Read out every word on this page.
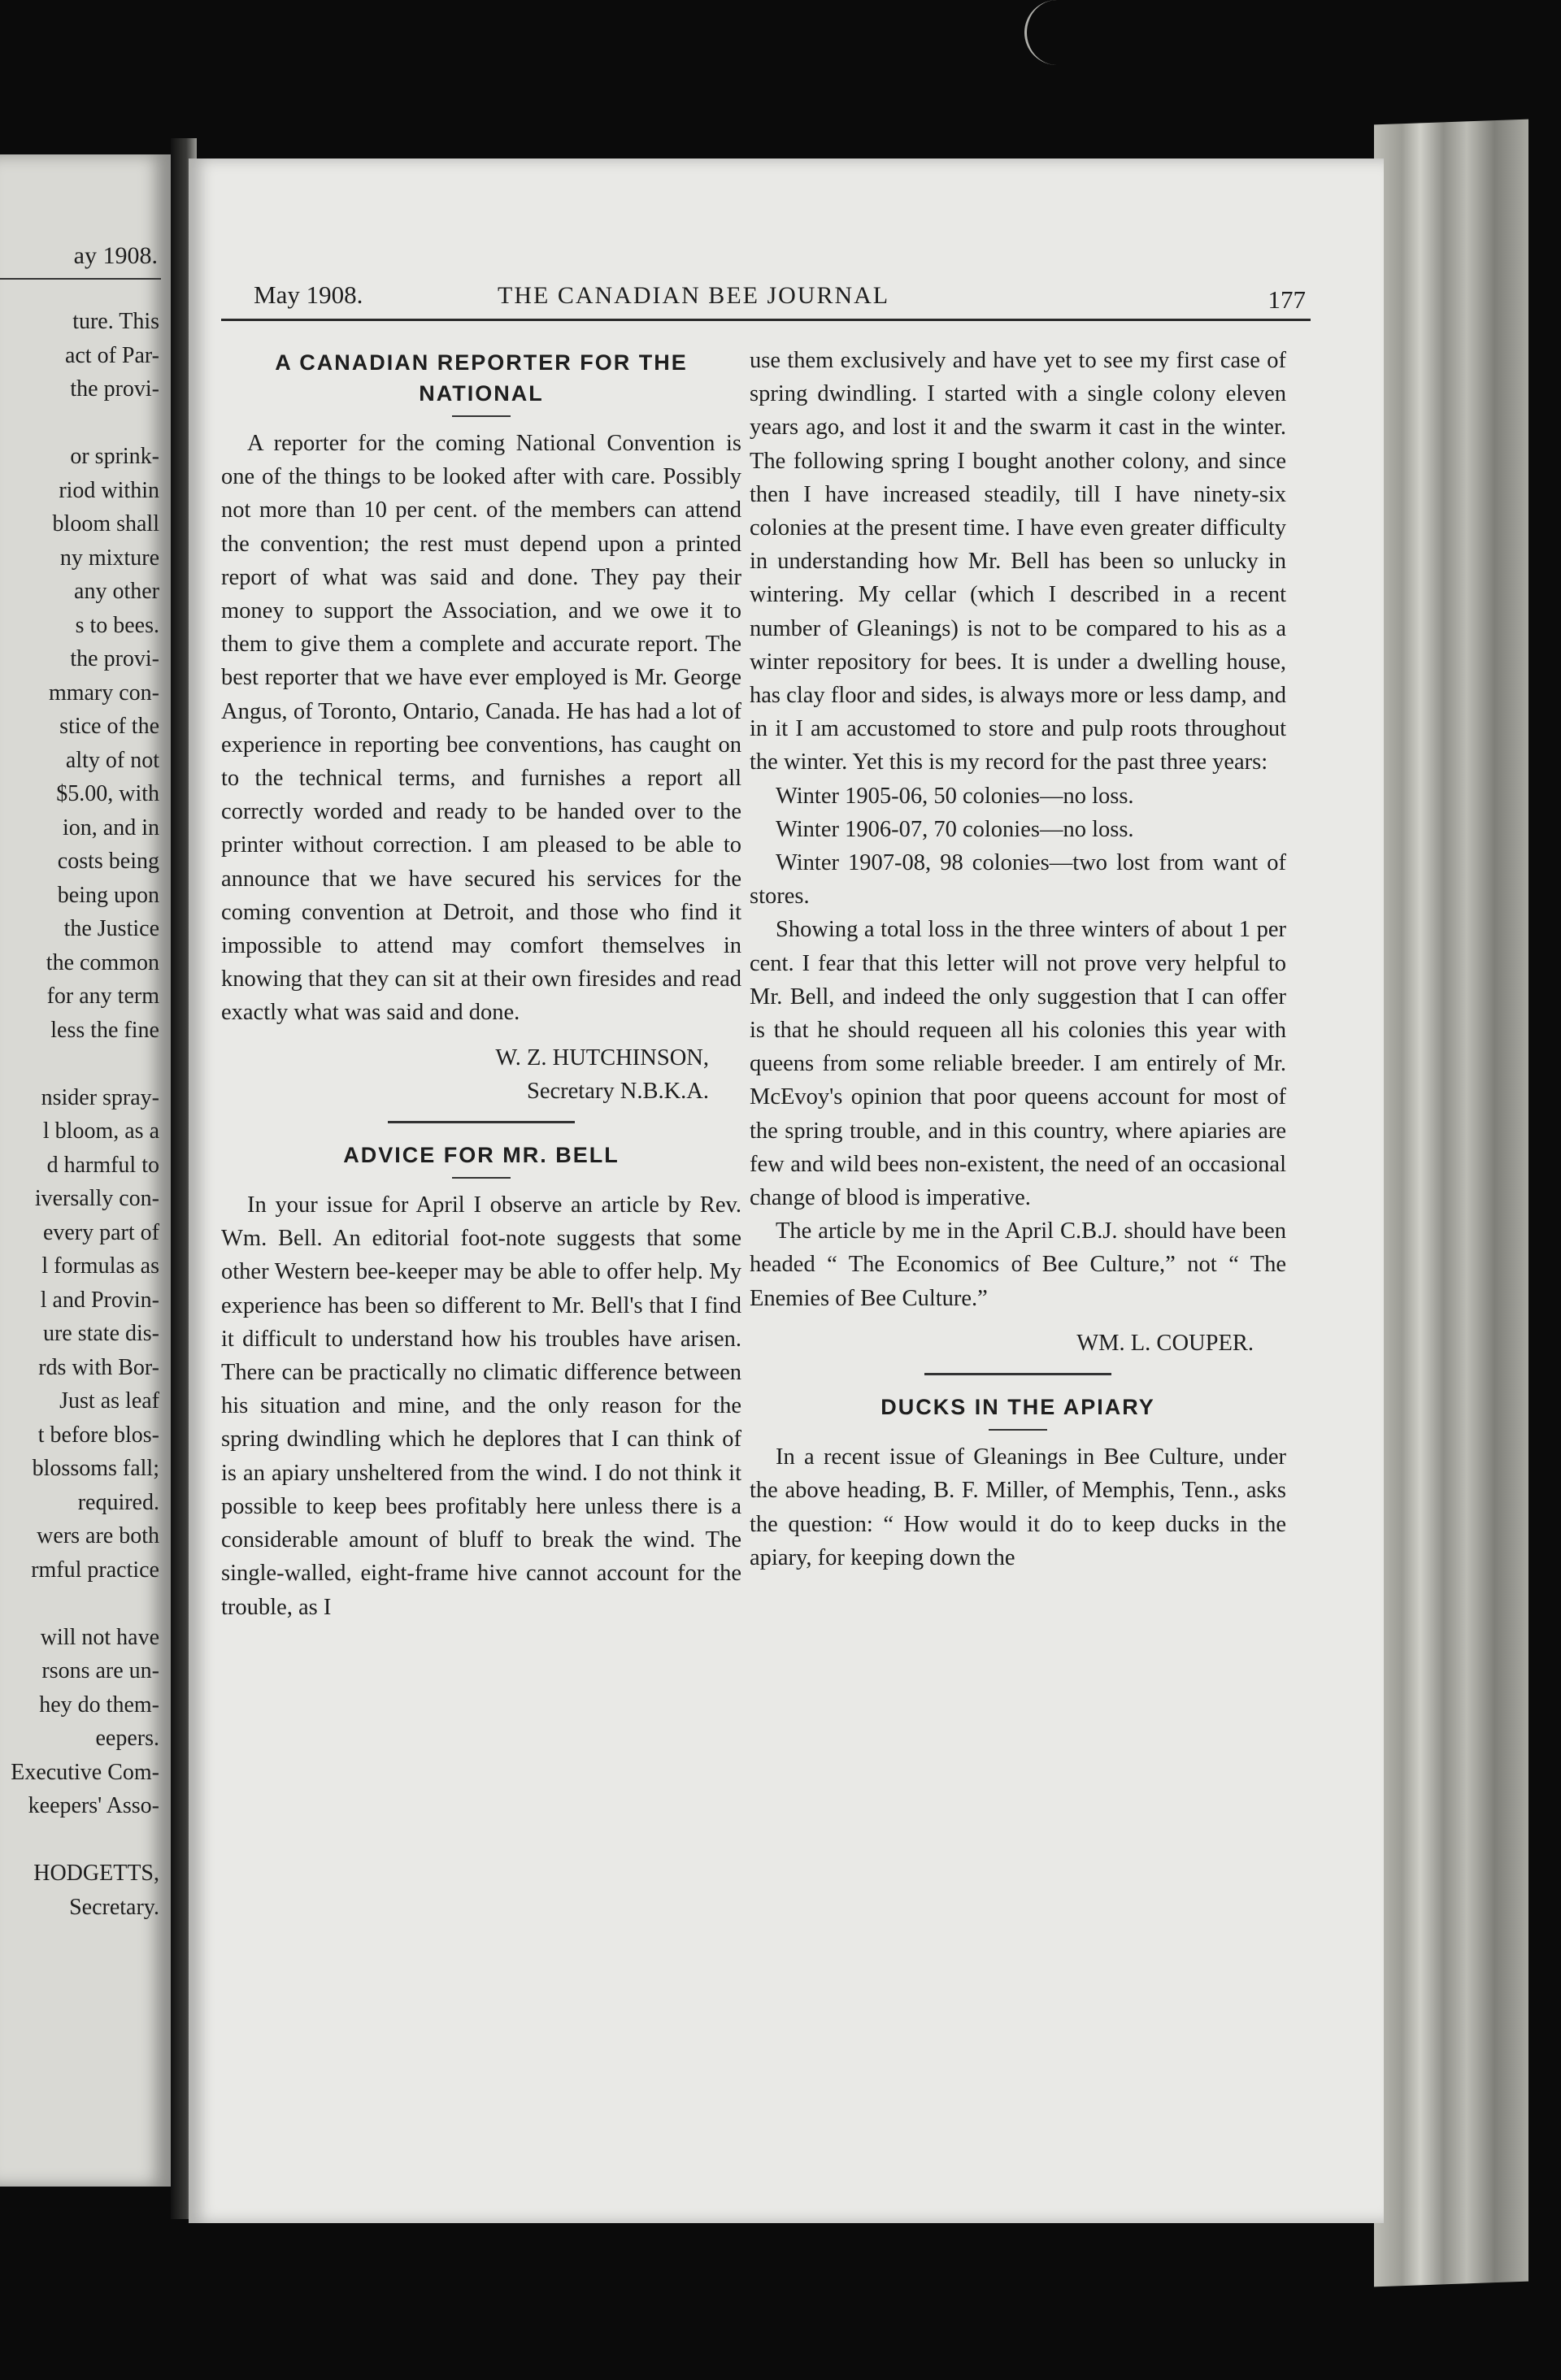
ay 1908.
ture. This
act of Par-
the provi-
or sprink-
riod within
bloom shall
ny mixture
any other
s to bees.
the provi-
mmary con-
stice of the
alty of not
$5.00, with
ion, and in
costs being
being upon
the Justice
the common
for any term
less the fine
nsider spray-
l bloom, as a
d harmful to
iversally con-
every part of
l formulas as
l and Provin-
ure state dis-
rds with Bor-
Just as leaf
t before blos-
blossoms fall;
required.
wers are both
rmful practice
will not have
rsons are un-
hey do them-
eepers.
Executive Com-
keepers' Asso-
HODGETTS,
Secretary.
May 1908.	THE CANADIAN BEE JOURNAL	177
A CANADIAN REPORTER FOR THE NATIONAL

A reporter for the coming National Convention is one of the things to be looked after with care. Possibly not more than 10 per cent. of the members can attend the convention; the rest must depend upon a printed report of what was said and done. They pay their money to support the Association, and we owe it to them to give them a complete and accurate report. The best reporter that we have ever employed is Mr. George Angus, of Toronto, Ontario, Canada. He has had a lot of experience in reporting bee conventions, has caught on to the technical terms, and furnishes a report all correctly worded and ready to be handed over to the printer without correction. I am pleased to be able to announce that we have secured his services for the coming convention at Detroit, and those who find it impossible to attend may comfort themselves in knowing that they can sit at their own firesides and read exactly what was said and done.

W. Z. HUTCHINSON,
Secretary N.B.K.A.
ADVICE FOR MR. BELL

In your issue for April I observe an article by Rev. Wm. Bell. An editorial foot-note suggests that some other Western bee-keeper may be able to offer help. My experience has been so different to Mr. Bell's that I find it difficult to understand how his troubles have arisen. There can be practically no climatic difference between his situation and mine, and the only reason for the spring dwindling which he deplores that I can think of is an apiary unsheltered from the wind. I do not think it possible to keep bees profitably here unless there is a considerable amount of bluff to break the wind. The single-walled, eight-frame hive cannot account for the trouble, as I

use them exclusively and have yet to see my first case of spring dwindling. I started with a single colony eleven years ago, and lost it and the swarm it cast in the winter. The following spring I bought another colony, and since then I have increased steadily, till I have ninety-six colonies at the present time. I have even greater difficulty in understanding how Mr. Bell has been so unlucky in wintering. My cellar (which I described in a recent number of Gleanings) is not to be compared to his as a winter repository for bees. It is under a dwelling house, has clay floor and sides, is always more or less damp, and in it I am accustomed to store and pulp roots throughout the winter. Yet this is my record for the past three years:

Winter 1905-06, 50 colonies—no loss.

Winter 1906-07, 70 colonies—no loss.

Winter 1907-08, 98 colonies—two lost from want of stores.

Showing a total loss in the three winters of about 1 per cent. I fear that this letter will not prove very helpful to Mr. Bell, and indeed the only suggestion that I can offer is that he should requeen all his colonies this year with queens from some reliable breeder. I am entirely of Mr. McEvoy's opinion that poor queens account for most of the spring trouble, and in this country, where apiaries are few and wild bees non-existent, the need of an occasional change of blood is imperative.

The article by me in the April C.B.J. should have been headed “ The Economics of Bee Culture,” not “ The Enemies of Bee Culture.”

WM. L. COUPER.
DUCKS IN THE APIARY

In a recent issue of Gleanings in Bee Culture, under the above heading, B. F. Miller, of Memphis, Tenn., asks the question: “ How would it do to keep ducks in the apiary, for keeping down the
